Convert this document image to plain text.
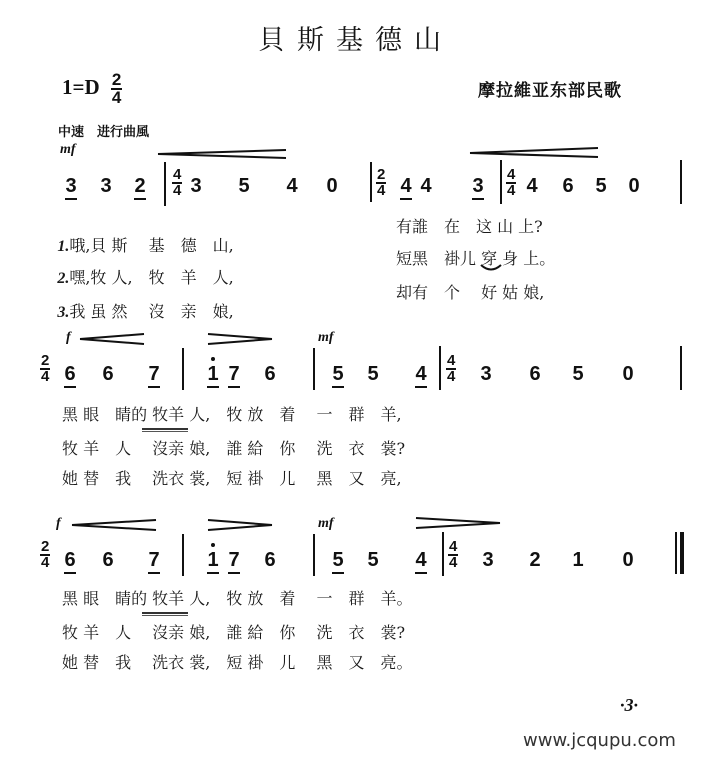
貝斯基德山
$1=D \frac{2}{4}$	摩拉維亚东部民歌
中速　进行曲風
mf
3 3 $2 \frac{4}{4} 3$ 5 4 0	$\frac{2}{4} 4$ 4 $3 \frac{4}{4} 4$ 6 5 0

1.哦,貝 斯　 基　德　山,

有誰　在　这 山 上?

2.嘿,牧 人,　牧　羊　人,

短黑　褂儿 穿 身 上。

3.我 虽 然　 沒　亲　娘,

却有　个　 好 姑 娘,
f	mf
$\frac{2}{4} 6$ 6 7 1 7 6	5 5 $4 \frac{4}{4} 3$ 6 5 0
黑 眼　睛的 牧羊 人,　牧 放　着　 一　群　羊,
牧 羊　人　 沒亲 娘,　誰 給　你　 洗　衣　裳?
她 替　我　 洗衣 裳,　短 褂　儿　 黑　又　亮,
f	mf
$\frac{2}{4} 6$ 6 7 1 7 6	5 5 $4 \frac{4}{4} 3$ 2 1 0
黑 眼　睛的 牧羊 人,　牧 放　着　 一　群　羊。
牧 羊　人　 沒亲 娘,　誰 給　你　 洗　衣　裳?
她 替　我　 洗衣 裳,　短 褂　儿　 黑　又　亮。
·3·
www.jcqupu.com
